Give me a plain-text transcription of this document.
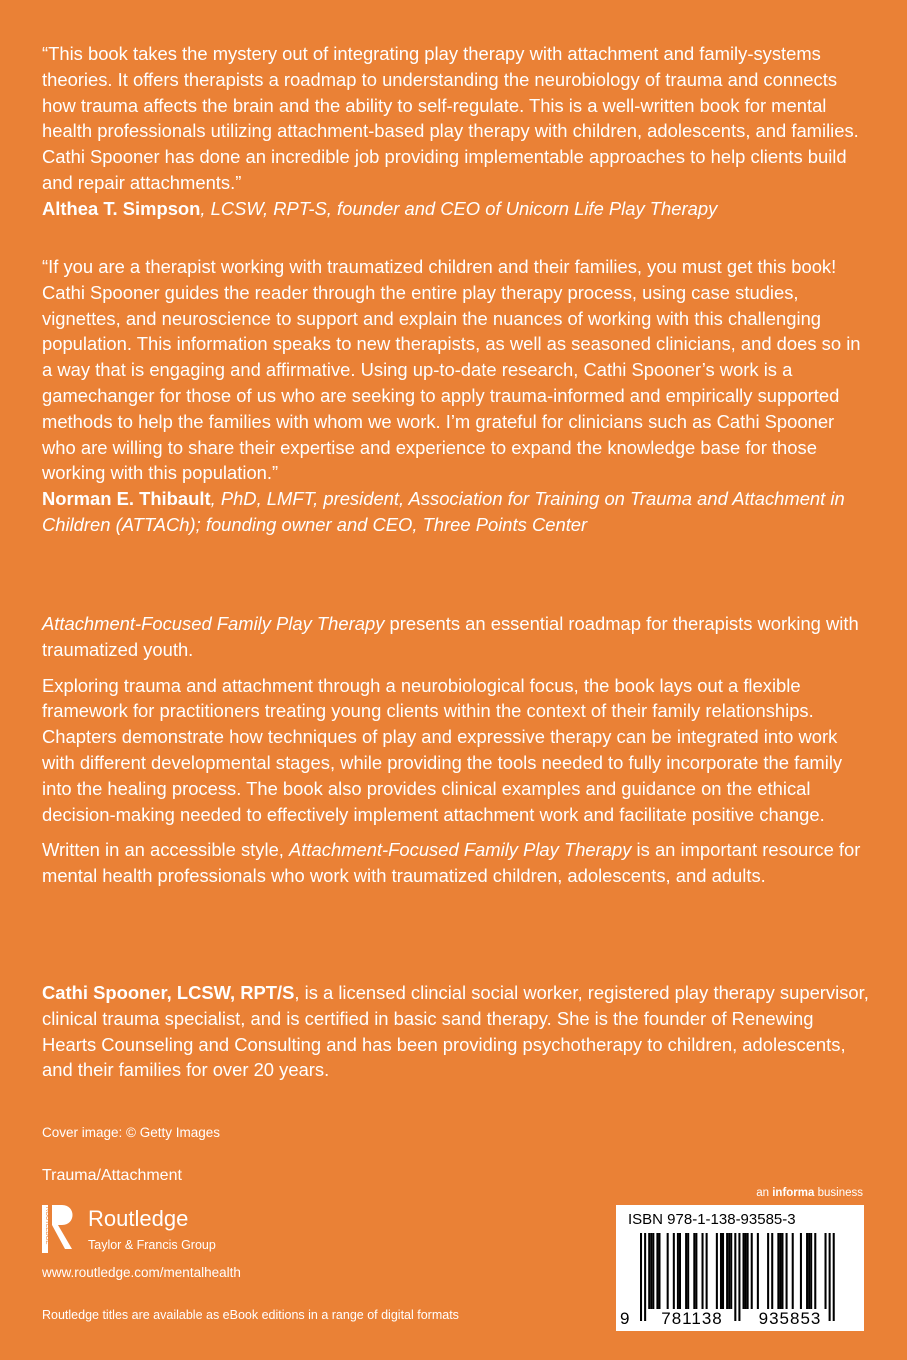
“This book takes the mystery out of integrating play therapy with attachment and family-systems theories. It offers therapists a roadmap to understanding the neurobiology of trauma and connects how trauma affects the brain and the ability to self-regulate. This is a well-written book for mental health professionals utilizing attachment-based play therapy with children, adolescents, and families. Cathi Spooner has done an incredible job providing implementable approaches to help clients build and repair attachments.”

Althea T. Simpson, LCSW, RPT-S, founder and CEO of Unicorn Life Play Therapy

“If you are a therapist working with traumatized children and their families, you must get this book! Cathi Spooner guides the reader through the entire play therapy process, using case studies, vignettes, and neuroscience to support and explain the nuances of working with this challenging population. This information speaks to new therapists, as well as seasoned clinicians, and does so in a way that is engaging and affirmative. Using up-to-date research, Cathi Spooner’s work is a gamechanger for those of us who are seeking to apply trauma-informed and empirically supported methods to help the families with whom we work. I’m grateful for clinicians such as Cathi Spooner who are willing to share their expertise and experience to expand the knowledge base for those working with this population.”

Norman E. Thibault, PhD, LMFT, president, Association for Training on Trauma and Attachment in Children (ATTACh); founding owner and CEO, Three Points Center

Attachment-Focused Family Play Therapy presents an essential roadmap for therapists working with traumatized youth.

Exploring trauma and attachment through a neurobiological focus, the book lays out a flexible framework for practitioners treating young clients within the context of their family relationships. Chapters demonstrate how techniques of play and expressive therapy can be integrated into work with different developmental stages, while providing the tools needed to fully incorporate the family into the healing process. The book also provides clinical examples and guidance on the ethical decision-making needed to effectively implement attachment work and facilitate positive change.

Written in an accessible style, Attachment-Focused Family Play Therapy is an important resource for mental health professionals who work with traumatized children, adolescents, and adults.

Cathi Spooner, LCSW, RPT/S, is a licensed clincial social worker, registered play therapy supervisor, clinical trauma specialist, and is certified in basic sand therapy. She is the founder of Renewing Hearts Counseling and Consulting and has been providing psychotherapy to children, adolescents, and their families for over 20 years.

Cover image: © Getty Images
Trauma/Attachment
ROUTLEDGE Routledge
Taylor & Francis Group
www.routledge.com/mentalhealth
Routledge titles are available as eBook editions in a range of digital formats
an informa business
ISBN 978-1-138-93585-3
9	781138	935853
